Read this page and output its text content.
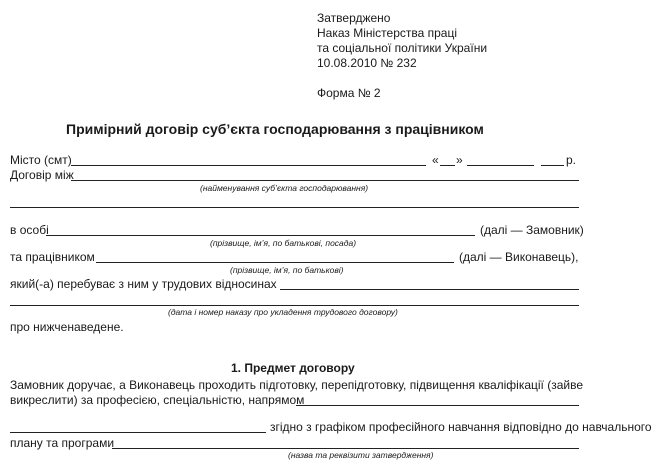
Затверджено
Наказ Міністерства праці
та соціальної політики України
10.08.2010 № 232
Форма № 2
Примірний договір суб’єкта господарювання з працівником
Місто (смт)	« »	р.
Договір між
(найменування суб’єкта господарювання)
в особі	(далі — Замовник)
(прізвище, ім’я, по батькові, посада)
та працівником	(далі — Виконавець),
(прізвище, ім’я, по батькові)
який(-а) перебуває з ним у трудових відносинах
(дата і номер наказу про укладення трудового договору)
про нижченаведене.
1. Предмет договору
Замовник доручає, а Виконавець проходить підготовку, перепідготовку, підвищення кваліфікації (зайве
викреслити) за професією, спеціальністю, напрямом
згідно з графіком професійного навчання відповідно до навчального
плану та програми
(назва та реквізити затвердження)
